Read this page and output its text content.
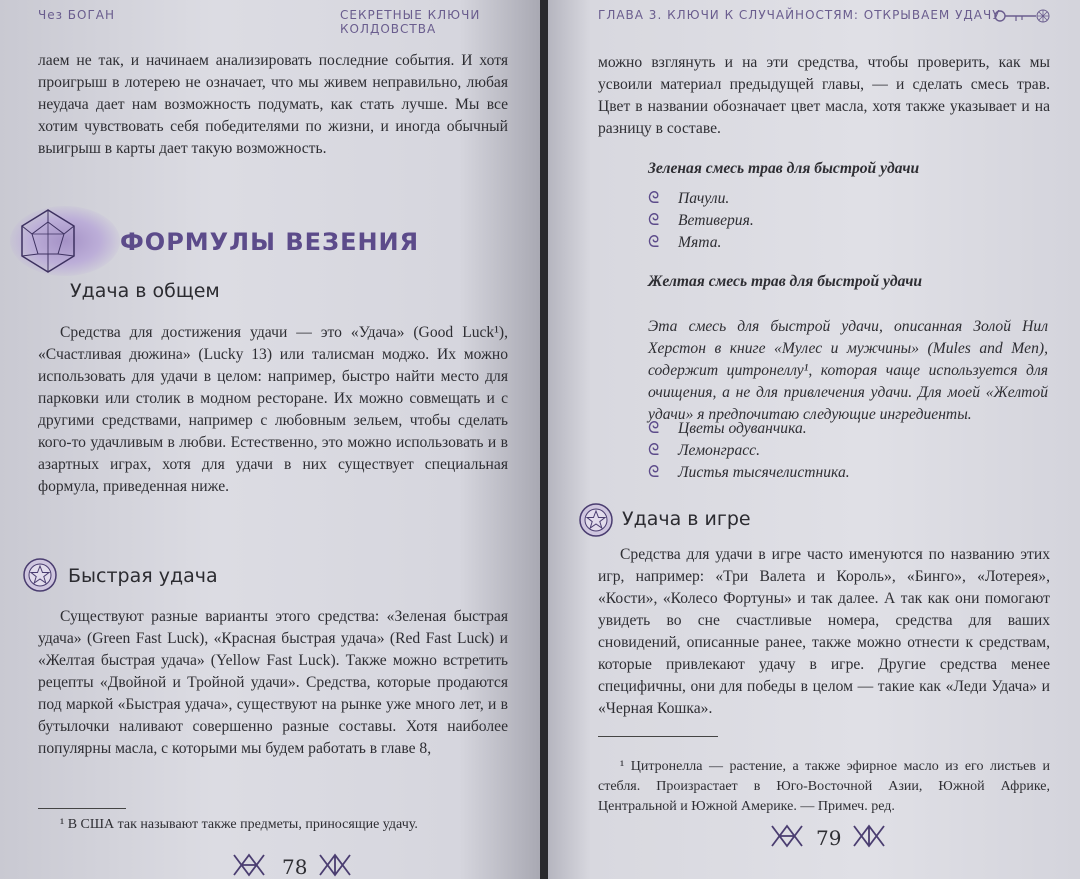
Чез БОГАН	СЕКРЕТНЫЕ КЛЮЧИ КОЛДОВСТВА

лаем не так, и начинаем анализировать последние события. И хотя проигрыш в лотерею не означает, что мы живем неправильно, любая неудача дает нам возможность подумать, как стать лучше. Мы все хотим чувствовать себя победителями по жизни, и иногда обычный выигрыш в карты дает такую возможность.

ФОРМУЛЫ ВЕЗЕНИЯ
Удача в общем

Средства для достижения удачи — это «Удача» (Good Luck¹), «Счастливая дюжина» (Lucky 13) или талисман моджо. Их можно использовать для удачи в целом: например, быстро найти место для парковки или столик в модном ресторане. Их можно совмещать и с другими средствами, например с любовным зельем, чтобы сделать кого-то удачливым в любви. Естественно, это можно использовать и в азартных играх, хотя для удачи в них существует специальная формула, приведенная ниже.

Быстрая удача

Существуют разные варианты этого средства: «Зеленая быстрая удача» (Green Fast Luck), «Красная быстрая удача» (Red Fast Luck) и «Желтая быстрая удача» (Yellow Fast Luck). Также можно встретить рецепты «Двойной и Тройной удачи». Средства, которые продаются под маркой «Быстрая удача», существуют на рынке уже много лет, и в бутылочки наливают совершенно разные составы. Хотя наиболее популярны масла, с которыми мы будем работать в главе 8,

¹ В США так называют также предметы, приносящие удачу.
78
ГЛАВА 3. КЛЮЧИ К СЛУЧАЙНОСТЯМ: ОТКРЫВАЕМ УДАЧУ

можно взглянуть и на эти средства, чтобы проверить, как мы усвоили материал предыдущей главы, — и сделать смесь трав. Цвет в названии обозначает цвет масла, хотя также указывает и на разницу в составе.

Зеленая смесь трав для быстрой удачи

ᘓ Пачули.
ᘓ Ветиверия.
ᘓ Мята.

Желтая смесь трав для быстрой удачи

Эта смесь для быстрой удачи, описанная Золой Нил Херстон в книге «Мулес и мужчины» (Mules and Men), содержит цитронеллу¹, которая чаще используется для очищения, а не для привлечения удачи. Для моей «Желтой удачи» я предпочитаю следующие ингредиенты.

ᘓ Цветы одуванчика.
ᘓ Лемонграсс.
ᘓ Листья тысячелистника.
Удача в игре

Средства для удачи в игре часто именуются по названию этих игр, например: «Три Валета и Король», «Бинго», «Лотерея», «Кости», «Колесо Фортуны» и так далее. А так как они помогают увидеть во сне счастливые номера, средства для ваших сновидений, описанные ранее, также можно отнести к средствам, которые привлекают удачу в игре. Другие средства менее специфичны, они для победы в целом — такие как «Леди Удача» и «Черная Кошка».

¹ Цитронелла — растение, а также эфирное масло из его листьев и стебля. Произрастает в Юго-Восточной Азии, Южной Африке, Центральной и Южной Америке. — Примеч. ред.

79
